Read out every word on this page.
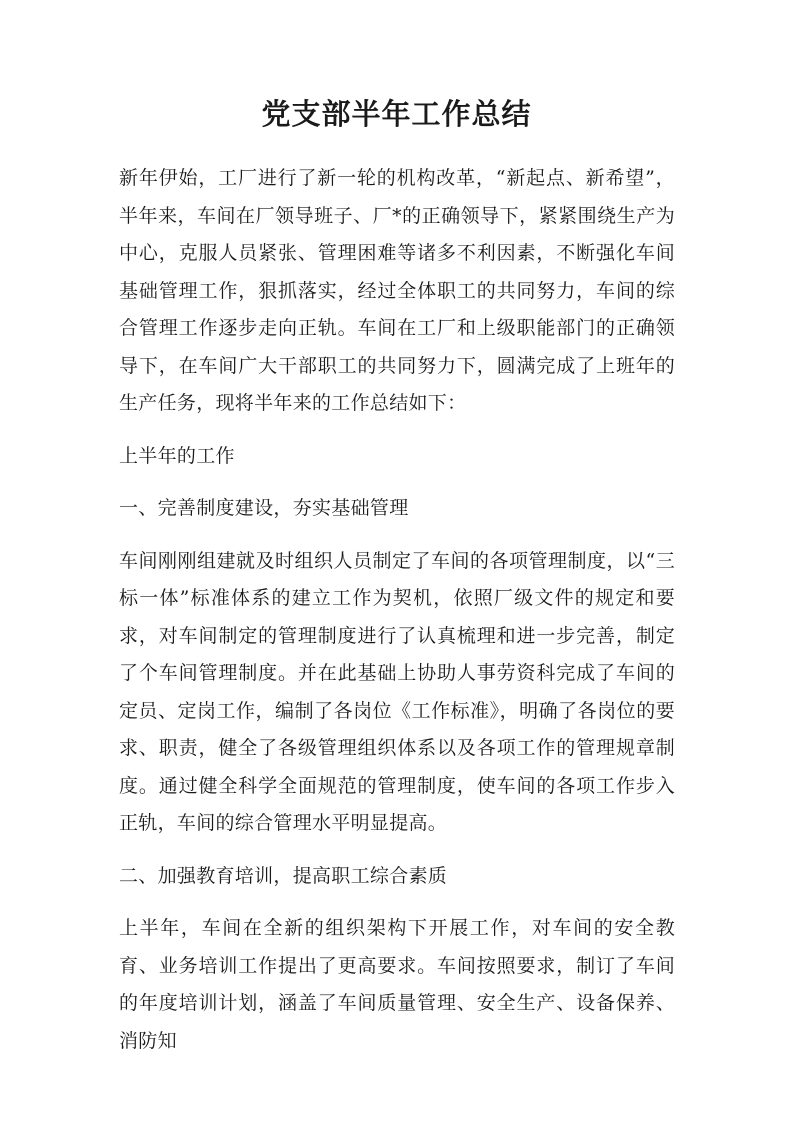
党支部半年工作总结

新年伊始，工厂进行了新一轮的机构改革，“新起点、新希望”，半年来，车间在厂领导班子、厂*的正确领导下，紧紧围绕生产为中心，克服人员紧张、管理困难等诸多不利因素，不断强化车间基础管理工作，狠抓落实，经过全体职工的共同努力，车间的综合管理工作逐步走向正轨。车间在工厂和上级职能部门的正确领导下，在车间广大干部职工的共同努力下，圆满完成了上班年的生产任务，现将半年来的工作总结如下：

上半年的工作

一、完善制度建设，夯实基础管理

车间刚刚组建就及时组织人员制定了车间的各项管理制度，以“三标一体”标准体系的建立工作为契机，依照厂级文件的规定和要求，对车间制定的管理制度进行了认真梳理和进一步完善，制定了个车间管理制度。并在此基础上协助人事劳资科完成了车间的定员、定岗工作，编制了各岗位《工作标准》，明确了各岗位的要求、职责，健全了各级管理组织体系以及各项工作的管理规章制度。通过健全科学全面规范的管理制度，使车间的各项工作步入正轨，车间的综合管理水平明显提高。

二、加强教育培训，提高职工综合素质

上半年，车间在全新的组织架构下开展工作，对车间的安全教育、业务培训工作提出了更高要求。车间按照要求，制订了车间的年度培训计划，涵盖了车间质量管理、安全生产、设备保养、消防知
